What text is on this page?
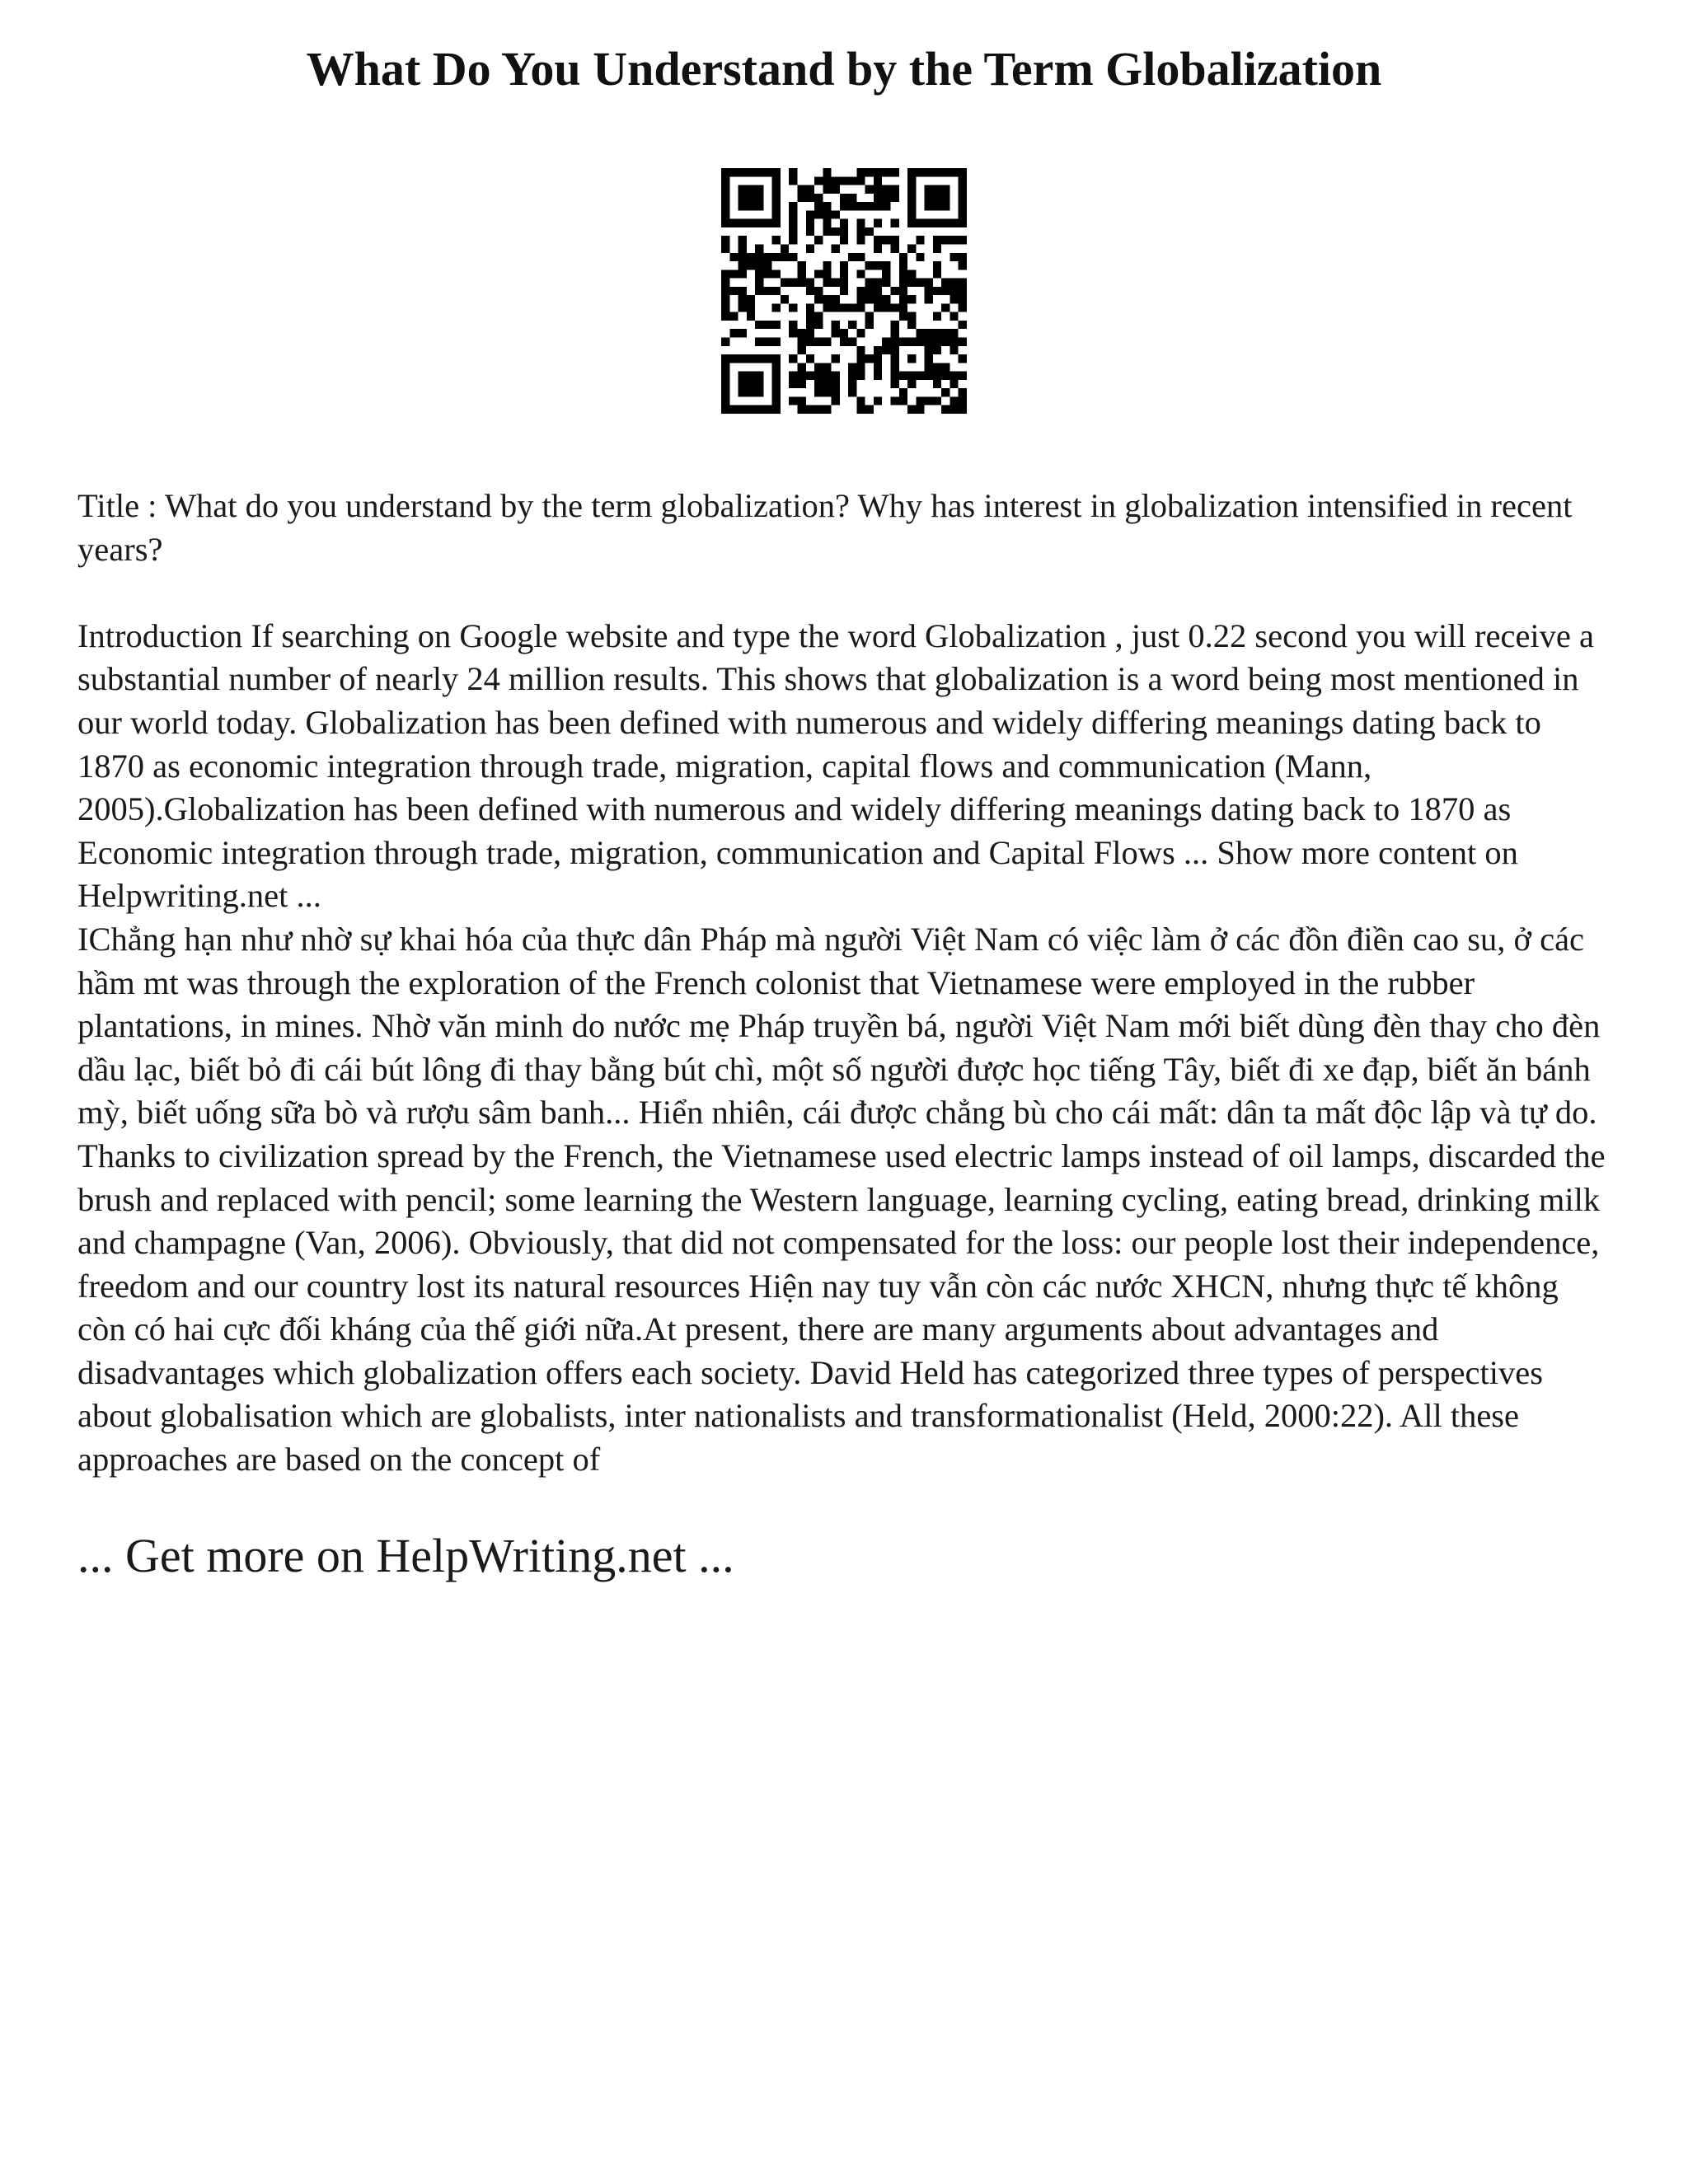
What Do You Understand by the Term Globalization

Title : What do you understand by the term globalization? Why has interest in globalization intensified in recent years?

Introduction If searching on Google website and type the word Globalization , just 0.22 second you will receive a substantial number of nearly 24 million results. This shows that globalization is a word being most mentioned in our world today. Globalization has been defined with numerous and widely differing meanings dating back to 1870 as economic integration through trade, migration, capital flows and communication (Mann, 2005).Globalization has been defined with numerous and widely differing meanings dating back to 1870 as Economic integration through trade, migration, communication and Capital Flows ... Show more content on Helpwriting.net ...

IChẳng hạn như nhờ sự khai hóa của thực dân Pháp mà người Việt Nam có việc làm ở các đồn điền cao su, ở các hầm mt was through the exploration of the French colonist that Vietnamese were employed in the rubber plantations, in mines. Nhờ văn minh do nước mẹ Pháp truyền bá, người Việt Nam mới biết dùng đèn thay cho đèn dầu lạc, biết bỏ đi cái bút lông đi thay bằng bút chì, một số người được học tiếng Tây, biết đi xe đạp, biết ăn bánh mỳ, biết uống sữa bò và rượu sâm banh... Hiển nhiên, cái được chẳng bù cho cái mất: dân ta mất độc lập và tự do. Thanks to civilization spread by the French, the Vietnamese used electric lamps instead of oil lamps, discarded the brush and replaced with pencil; some learning the Western language, learning cycling, eating bread, drinking milk and champagne (Van, 2006). Obviously, that did not compensated for the loss: our people lost their independence, freedom and our country lost its natural resources Hiện nay tuy vẫn còn các nước XHCN, nhưng thực tế không còn có hai cực đối kháng của thế giới nữa.At present, there are many arguments about advantages and disadvantages which globalization offers each society. David Held has categorized three types of perspectives about globalisation which are globalists, inter nationalists and transformationalist (Held, 2000:22). All these approaches are based on the concept of

... Get more on HelpWriting.net ...
